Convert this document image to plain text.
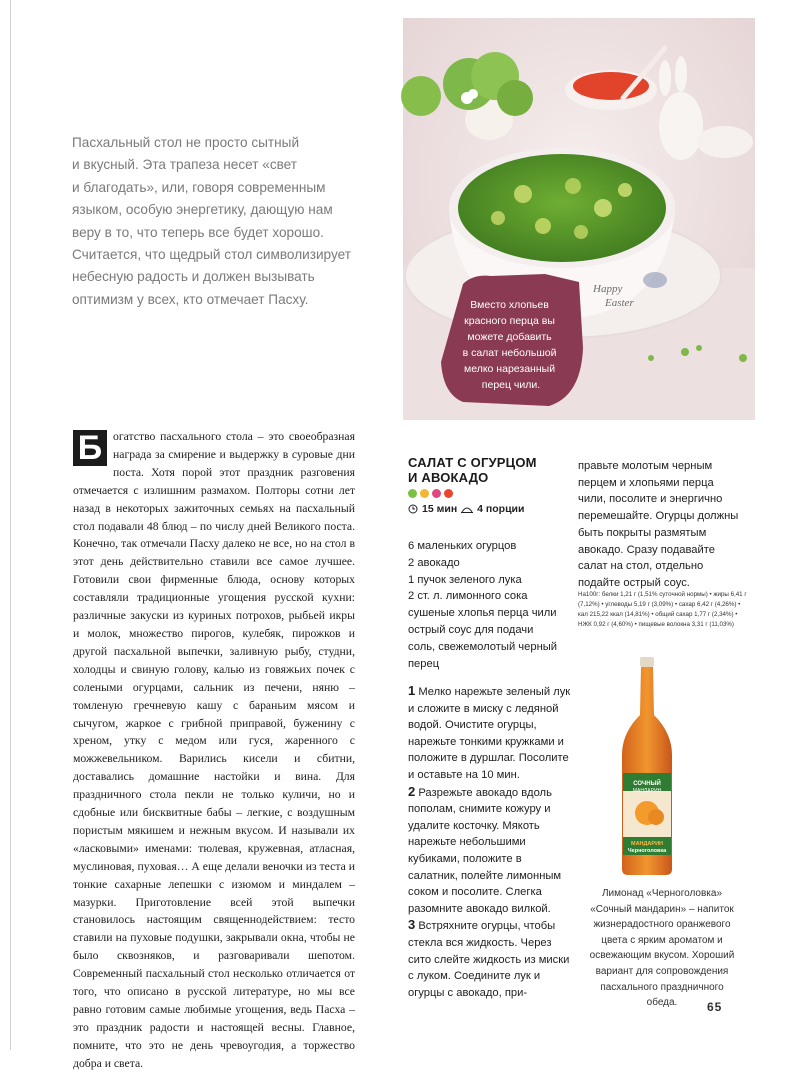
Пасхальный стол не просто сытный
и вкусный. Эта трапеза несет «свет
и благодать», или, говоря современным
языком, особую энергетику, дающую нам
веру в то, что теперь все будет хорошо.
Считается, что щедрый стол символизирует
небесную радость и должен вызывать
оптимизм у всех, кто отмечает Пасху.
Happy
Easter
Вместо хлопьев красного перца вы можете добавить в салат небольшой мелко нарезанный перец чили.
Б огатство пасхального стола – это своеобразная награда за смирение и выдержку в суровые дни поста. Хотя порой этот праздник разговения отмечается с излишним размахом. Полторы сотни лет назад в некоторых зажиточных семьях на пасхальный стол подавали 48 блюд – по числу дней Великого поста. Конечно, так отмечали Пасху далеко не все, но на стол в этот день действительно ставили все самое лучшее. Готовили свои фирменные блюда, основу которых составляли традиционные угощения русской кухни: различные закуски из куриных потрохов, рыбьей икры и молок, множество пирогов, кулебяк, пирожков и другой пасхальной выпечки, заливную рыбу, студни, холодцы и свиную голову, калью из говяжьих почек с солеными огурцами, сальник из печени, няню – томленую гречневую кашу с бараньим мясом и сычугом, жаркое с грибной приправой, буженину с хреном, утку с медом или гуся, жаренного с можжевельником. Варились кисели и сбитни, доставались домашние настойки и вина. Для праздничного стола пекли не только куличи, но и сдобные или бисквитные бабы – легкие, с воздушным пористым мякишем и нежным вкусом. И называли их «ласковыми» именами: тюлевая, кружевная, атласная, муслиновая, пуховая… А еще делали веночки из теста и тонкие сахарные лепешки с изюмом и миндалем – мазурки. Приготовление всей этой выпечки становилось настоящим священнодействием: тесто ставили на пуховые подушки, закрывали окна, чтобы не было сквозняков, и разговаривали шепотом. Современный пасхальный стол несколько отличается от того, что описано в русской литературе, но мы все равно готовим самые любимые угощения, ведь Пасха – это праздник радости и настоящей весны. Главное, помните, что это не день чревоугодия, а торжество добра и света.
САЛАТ С ОГУРЦОМ
И АВОКАДО
15 мин 4 порции
6 маленьких огурцов
2 авокадо
1 пучок зеленого лука
2 ст. л. лимонного сока
сушеные хлопья перца чили
острый соус для подачи
соль, свежемолотый черный
перец
1 Мелко нарежьте зеленый лук и сложите в миску с ледяной водой. Очистите огурцы, нарежьте тонкими кружками и положите в дуршлаг. Посолите и оставьте на 10 мин.
2 Разрежьте авокадо вдоль пополам, снимите кожуру и удалите косточку. Мякоть нарежьте небольшими кубиками, положите в салатник, полейте лимонным соком и посолите. Слегка разомните авокадо вилкой.
3 Встряхните огурцы, чтобы стекла вся жидкость. Через сито слейте жидкость из миски с луком. Соедините лук и огурцы с авокадо, при-
правьте молотым черным перцем и хлопьями перца чили, посолите и энергично перемешайте. Огурцы должны быть покрыты размятым авокадо. Сразу подавайте салат на стол, отдельно подайте острый соус.
На100г: белки 1,21 г (1,51% суточной нормы) • жиры 6,41 г (7,12%) • углеводы 5,19 г (3,09%) • сахар 6,42 г (4,26%) • кал 215,22 ккал (14,81%) • общий сахар 1,77 г (2,34%) • НЖК 0,92 г (4,60%) • пищевые волокна 3,31 г (11,03%)
СОЧНЫЙ
МАНДАРИН
МАНДАРИН
Черноголовка
Лимонад «Черноголовка» «Сочный мандарин» – напиток жизнерадостного оранжевого цвета с ярким ароматом и освежающим вкусом. Хороший вариант для сопровождения пасхального праздничного обеда.	65
